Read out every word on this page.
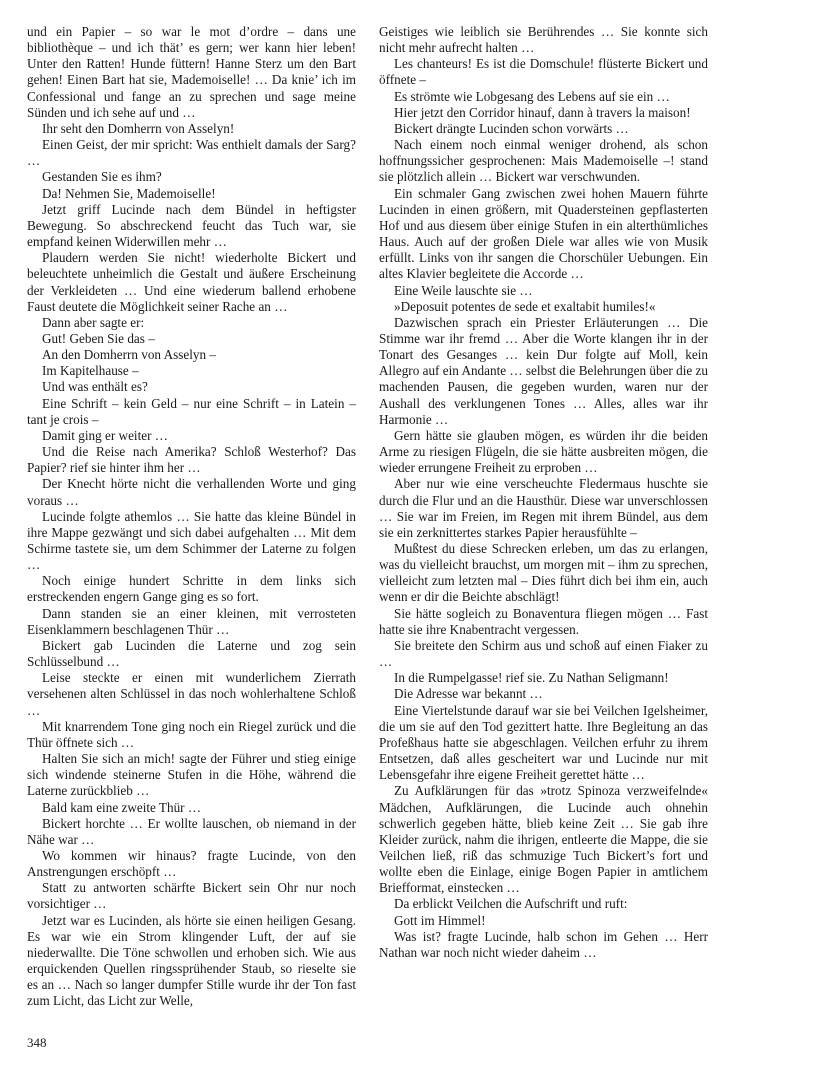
und ein Papier – so war le mot d’ordre – dans une bibliothèque – und ich thät’ es gern; wer kann hier leben! Unter den Ratten! Hunde füttern! Hanne Sterz um den Bart gehen! Einen Bart hat sie, Mademoiselle! … Da knie’ ich im Confessional und fange an zu sprechen und sage meine Sünden und ich sehe auf und …

Ihr seht den Domherrn von Asselyn!

Einen Geist, der mir spricht: Was enthielt damals der Sarg? …

Gestanden Sie es ihm?

Da! Nehmen Sie, Mademoiselle!

Jetzt griff Lucinde nach dem Bündel in heftigster Bewegung. So abschreckend feucht das Tuch war, sie empfand keinen Widerwillen mehr …

Plaudern werden Sie nicht! wiederholte Bickert und beleuchtete unheimlich die Gestalt und äußere Erscheinung der Verkleideten … Und eine wiederum ballend erhobene Faust deutete die Möglichkeit seiner Rache an …

Dann aber sagte er:

Gut! Geben Sie das –

An den Domherrn von Asselyn –

Im Kapitelhause –

Und was enthält es?

Eine Schrift – kein Geld – nur eine Schrift – in Latein – tant je crois –

Damit ging er weiter …

Und die Reise nach Amerika? Schloß Westerhof? Das Papier? rief sie hinter ihm her …

Der Knecht hörte nicht die verhallenden Worte und ging voraus …

Lucinde folgte athemlos … Sie hatte das kleine Bündel in ihre Mappe gezwängt und sich dabei aufgehalten … Mit dem Schirme tastete sie, um dem Schimmer der Laterne zu folgen …

Noch einige hundert Schritte in dem links sich erstreckenden engern Gange ging es so fort.

Dann standen sie an einer kleinen, mit verrosteten Eisenklammern beschlagenen Thür …

Bickert gab Lucinden die Laterne und zog sein Schlüsselbund …

Leise steckte er einen mit wunderlichem Zierrath versehenen alten Schlüssel in das noch wohlerhaltene Schloß …

Mit knarrendem Tone ging noch ein Riegel zurück und die Thür öffnete sich …

Halten Sie sich an mich! sagte der Führer und stieg einige sich windende steinerne Stufen in die Höhe, während die Laterne zurückblieb …

Bald kam eine zweite Thür …

Bickert horchte … Er wollte lauschen, ob niemand in der Nähe war …

Wo kommen wir hinaus? fragte Lucinde, von den Anstrengungen erschöpft …

Statt zu antworten schärfte Bickert sein Ohr nur noch vorsichtiger …

Jetzt war es Lucinden, als hörte sie einen heiligen Gesang. Es war wie ein Strom klingender Luft, der auf sie niederwallte. Die Töne schwollen und erhoben sich. Wie aus erquickenden Quellen ringssprühender Staub, so rieselte sie es an … Nach so langer dumpfer Stille wurde ihr der Ton fast zum Licht, das Licht zur Welle,

Geistiges wie leiblich sie Berührendes … Sie konnte sich nicht mehr aufrecht halten …

Les chanteurs! Es ist die Domschule! flüsterte Bickert und öffnete –

Es strömte wie Lobgesang des Lebens auf sie ein …

Hier jetzt den Corridor hinauf, dann à travers la maison!

Bickert drängte Lucinden schon vorwärts …

Nach einem noch einmal weniger drohend, als schon hoffnungssicher gesprochenen: Mais Mademoiselle –! stand sie plötzlich allein … Bickert war verschwunden.

Ein schmaler Gang zwischen zwei hohen Mauern führte Lucinden in einen größern, mit Quadersteinen gepflasterten Hof und aus diesem über einige Stufen in ein alterthümliches Haus. Auch auf der großen Diele war alles wie von Musik erfüllt. Links von ihr sangen die Chorschüler Uebungen. Ein altes Klavier begleitete die Accorde …

Eine Weile lauschte sie …

»Deposuit potentes de sede et exaltabit humiles!«

Dazwischen sprach ein Priester Erläuterungen … Die Stimme war ihr fremd … Aber die Worte klangen ihr in der Tonart des Gesanges … kein Dur folgte auf Moll, kein Allegro auf ein Andante … selbst die Belehrungen über die zu machenden Pausen, die gegeben wurden, waren nur der Aushall des verklungenen Tones … Alles, alles war ihr Harmonie …

Gern hätte sie glauben mögen, es würden ihr die beiden Arme zu riesigen Flügeln, die sie hätte ausbreiten mögen, die wieder errungene Freiheit zu erproben …

Aber nur wie eine verscheuchte Fledermaus huschte sie durch die Flur und an die Hausthür. Diese war unverschlossen … Sie war im Freien, im Regen mit ihrem Bündel, aus dem sie ein zerknittertes starkes Papier herausfühlte –

Mußtest du diese Schrecken erleben, um das zu erlangen, was du vielleicht brauchst, um morgen mit – ihm zu sprechen, vielleicht zum letzten mal – Dies führt dich bei ihm ein, auch wenn er dir die Beichte abschlägt!

Sie hätte sogleich zu Bonaventura fliegen mögen … Fast hatte sie ihre Knabentracht vergessen.

Sie breitete den Schirm aus und schoß auf einen Fiaker zu …

In die Rumpelgasse! rief sie. Zu Nathan Seligmann!

Die Adresse war bekannt …

Eine Viertelstunde darauf war sie bei Veilchen Igelsheimer, die um sie auf den Tod gezittert hatte. Ihre Begleitung an das Profeßhaus hatte sie abgeschlagen. Veilchen erfuhr zu ihrem Entsetzen, daß alles gescheitert war und Lucinde nur mit Lebensgefahr ihre eigene Freiheit gerettet hätte …

Zu Aufklärungen für das »trotz Spinoza verzweifelnde« Mädchen, Aufklärungen, die Lucinde auch ohnehin schwerlich gegeben hätte, blieb keine Zeit … Sie gab ihre Kleider zurück, nahm die ihrigen, entleerte die Mappe, die sie Veilchen ließ, riß das schmuzige Tuch Bickert’s fort und wollte eben die Einlage, einige Bogen Papier in amtlichem Briefformat, einstecken …

Da erblickt Veilchen die Aufschrift und ruft:

Gott im Himmel!

Was ist? fragte Lucinde, halb schon im Gehen … Herr Nathan war noch nicht wieder daheim …

348
